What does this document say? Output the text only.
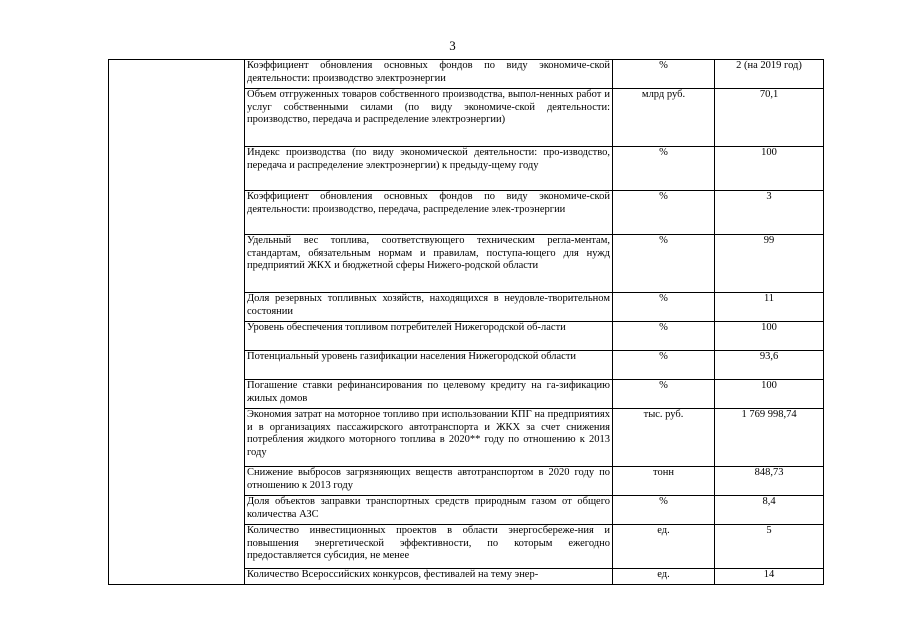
3
	Коэффициент обновления основных фондов по виду экономиче-ской деятельности: производство электроэнергии	%	2 (на 2019 год)
	Объем отгруженных товаров собственного производства, выпол-ненных работ и услуг собственными силами (по виду экономиче-ской деятельности: производство, передача и распределение электроэнергии)	млрд руб.	70,1
	Индекс производства (по виду экономической деятельности: про-изводство, передача и распределение электроэнергии) к предыду-щему году	%	100
	Коэффициент обновления основных фондов по виду экономиче-ской деятельности: производство, передача, распределение элек-троэнергии	%	3
	Удельный вес топлива, соответствующего техническим регла-ментам, стандартам, обязательным нормам и правилам, поступа-ющего для нужд предприятий ЖКХ и бюджетной сферы Нижего-родской области	%	99
	Доля резервных топливных хозяйств, находящихся в неудовле-творительном состоянии	%	11
	Уровень обеспечения топливом потребителей Нижегородской об-ласти	%	100
	Потенциальный уровень газификации населения Нижегородской области	%	93,6
	Погашение ставки рефинансирования по целевому кредиту на га-зификацию жилых домов	%	100
	Экономия затрат на моторное топливо при использовании КПГ на предприятиях и в организациях пассажирского автотранспорта и ЖКХ за счет снижения потребления жидкого моторного топлива в 2020** году по отношению к 2013 году	тыс. руб.	1 769 998,74
	Снижение выбросов загрязняющих веществ автотранспортом в 2020 году по отношению к 2013 году	тонн	848,73
	Доля объектов заправки транспортных средств природным газом от общего количества АЗС	%	8,4
	Количество инвестиционных проектов в области энергосбереже-ния и повышения энергетической эффективности, по которым ежегодно предоставляется субсидия, не менее	ед.	5
	Количество Всероссийских конкурсов, фестивалей на тему энер-	ед.	14
